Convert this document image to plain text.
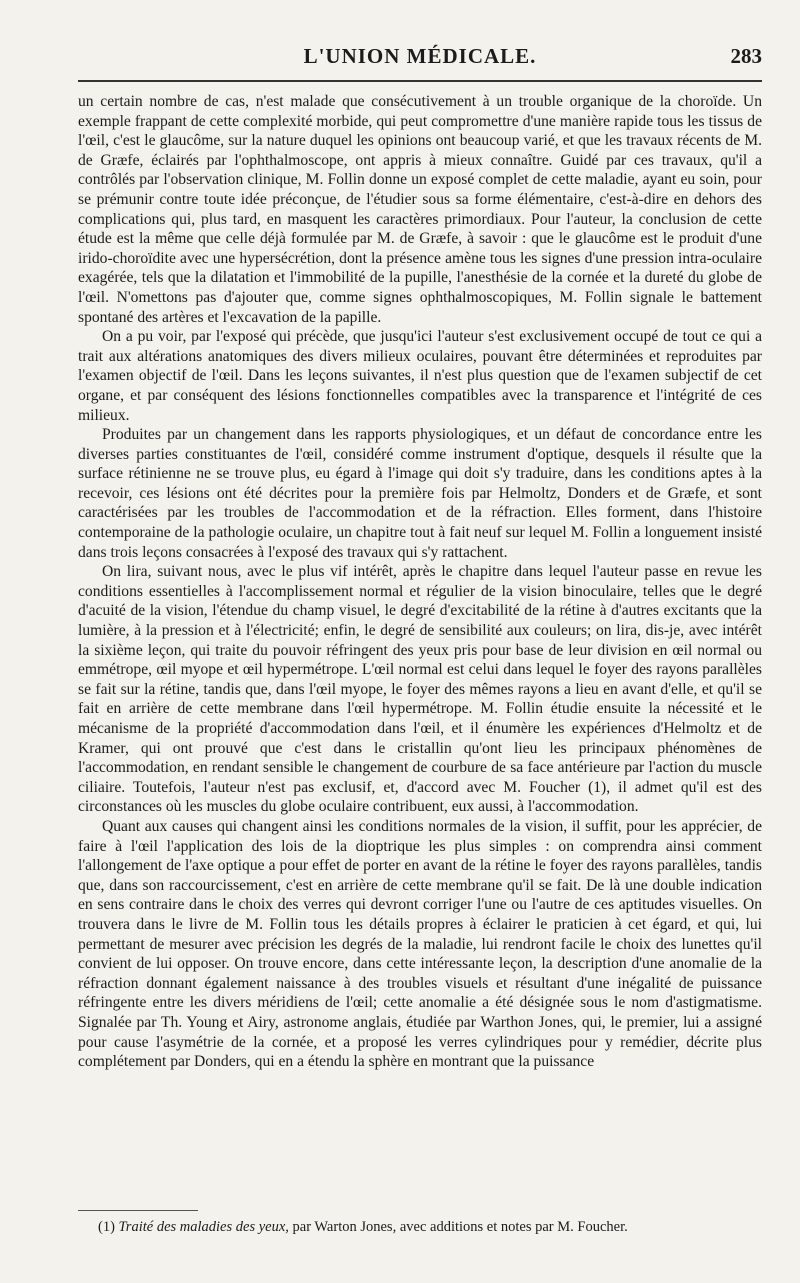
L'UNION MÉDICALE.	283

un certain nombre de cas, n'est malade que consécutivement à un trouble organique de la choroïde. Un exemple frappant de cette complexité morbide, qui peut compromettre d'une manière rapide tous les tissus de l'œil, c'est le glaucôme, sur la nature duquel les opinions ont beaucoup varié, et que les travaux récents de M. de Græfe, éclairés par l'ophthalmoscope, ont appris à mieux connaître. Guidé par ces travaux, qu'il a contrôlés par l'observation clinique, M. Follin donne un exposé complet de cette maladie, ayant eu soin, pour se prémunir contre toute idée préconçue, de l'étudier sous sa forme élémentaire, c'est-à-dire en dehors des complications qui, plus tard, en masquent les caractères primordiaux. Pour l'auteur, la conclusion de cette étude est la même que celle déjà formulée par M. de Græfe, à savoir : que le glaucôme est le produit d'une irido-choroïdite avec une hypersécrétion, dont la présence amène tous les signes d'une pression intra-oculaire exagérée, tels que la dilatation et l'immobilité de la pupille, l'anesthésie de la cornée et la dureté du globe de l'œil. N'omettons pas d'ajouter que, comme signes ophthalmoscopiques, M. Follin signale le battement spontané des artères et l'excavation de la papille.

On a pu voir, par l'exposé qui précède, que jusqu'ici l'auteur s'est exclusivement occupé de tout ce qui a trait aux altérations anatomiques des divers milieux oculaires, pouvant être déterminées et reproduites par l'examen objectif de l'œil. Dans les leçons suivantes, il n'est plus question que de l'examen subjectif de cet organe, et par conséquent des lésions fonctionnelles compatibles avec la transparence et l'intégrité de ces milieux.

Produites par un changement dans les rapports physiologiques, et un défaut de concordance entre les diverses parties constituantes de l'œil, considéré comme instrument d'optique, desquels il résulte que la surface rétinienne ne se trouve plus, eu égard à l'image qui doit s'y traduire, dans les conditions aptes à la recevoir, ces lésions ont été décrites pour la première fois par Helmoltz, Donders et de Græfe, et sont caractérisées par les troubles de l'accommodation et de la réfraction. Elles forment, dans l'histoire contemporaine de la pathologie oculaire, un chapitre tout à fait neuf sur lequel M. Follin a longuement insisté dans trois leçons consacrées à l'exposé des travaux qui s'y rattachent.

On lira, suivant nous, avec le plus vif intérêt, après le chapitre dans lequel l'auteur passe en revue les conditions essentielles à l'accomplissement normal et régulier de la vision binoculaire, telles que le degré d'acuité de la vision, l'étendue du champ visuel, le degré d'excitabilité de la rétine à d'autres excitants que la lumière, à la pression et à l'électricité; enfin, le degré de sensibilité aux couleurs; on lira, dis-je, avec intérêt la sixième leçon, qui traite du pouvoir réfringent des yeux pris pour base de leur division en œil normal ou emmétrope, œil myope et œil hypermétrope. L'œil normal est celui dans lequel le foyer des rayons parallèles se fait sur la rétine, tandis que, dans l'œil myope, le foyer des mêmes rayons a lieu en avant d'elle, et qu'il se fait en arrière de cette membrane dans l'œil hypermétrope. M. Follin étudie ensuite la nécessité et le mécanisme de la propriété d'accommodation dans l'œil, et il énumère les expériences d'Helmoltz et de Kramer, qui ont prouvé que c'est dans le cristallin qu'ont lieu les principaux phénomènes de l'accommodation, en rendant sensible le changement de courbure de sa face antérieure par l'action du muscle ciliaire. Toutefois, l'auteur n'est pas exclusif, et, d'accord avec M. Foucher (1), il admet qu'il est des circonstances où les muscles du globe oculaire contribuent, eux aussi, à l'accommodation.

Quant aux causes qui changent ainsi les conditions normales de la vision, il suffit, pour les apprécier, de faire à l'œil l'application des lois de la dioptrique les plus simples : on comprendra ainsi comment l'allongement de l'axe optique a pour effet de porter en avant de la rétine le foyer des rayons parallèles, tandis que, dans son raccourcissement, c'est en arrière de cette membrane qu'il se fait. De là une double indication en sens contraire dans le choix des verres qui devront corriger l'une ou l'autre de ces aptitudes visuelles. On trouvera dans le livre de M. Follin tous les détails propres à éclairer le praticien à cet égard, et qui, lui permettant de mesurer avec précision les degrés de la maladie, lui rendront facile le choix des lunettes qu'il convient de lui opposer. On trouve encore, dans cette intéressante leçon, la description d'une anomalie de la réfraction donnant également naissance à des troubles visuels et résultant d'une inégalité de puissance réfringente entre les divers méridiens de l'œil; cette anomalie a été désignée sous le nom d'astigmatisme. Signalée par Th. Young et Airy, astronome anglais, étudiée par Warthon Jones, qui, le premier, lui a assigné pour cause l'asymétrie de la cornée, et a proposé les verres cylindriques pour y remédier, décrite plus complétement par Donders, qui en a étendu la sphère en montrant que la puissance

(1) Traité des maladies des yeux, par Warton Jones, avec additions et notes par M. Foucher.
